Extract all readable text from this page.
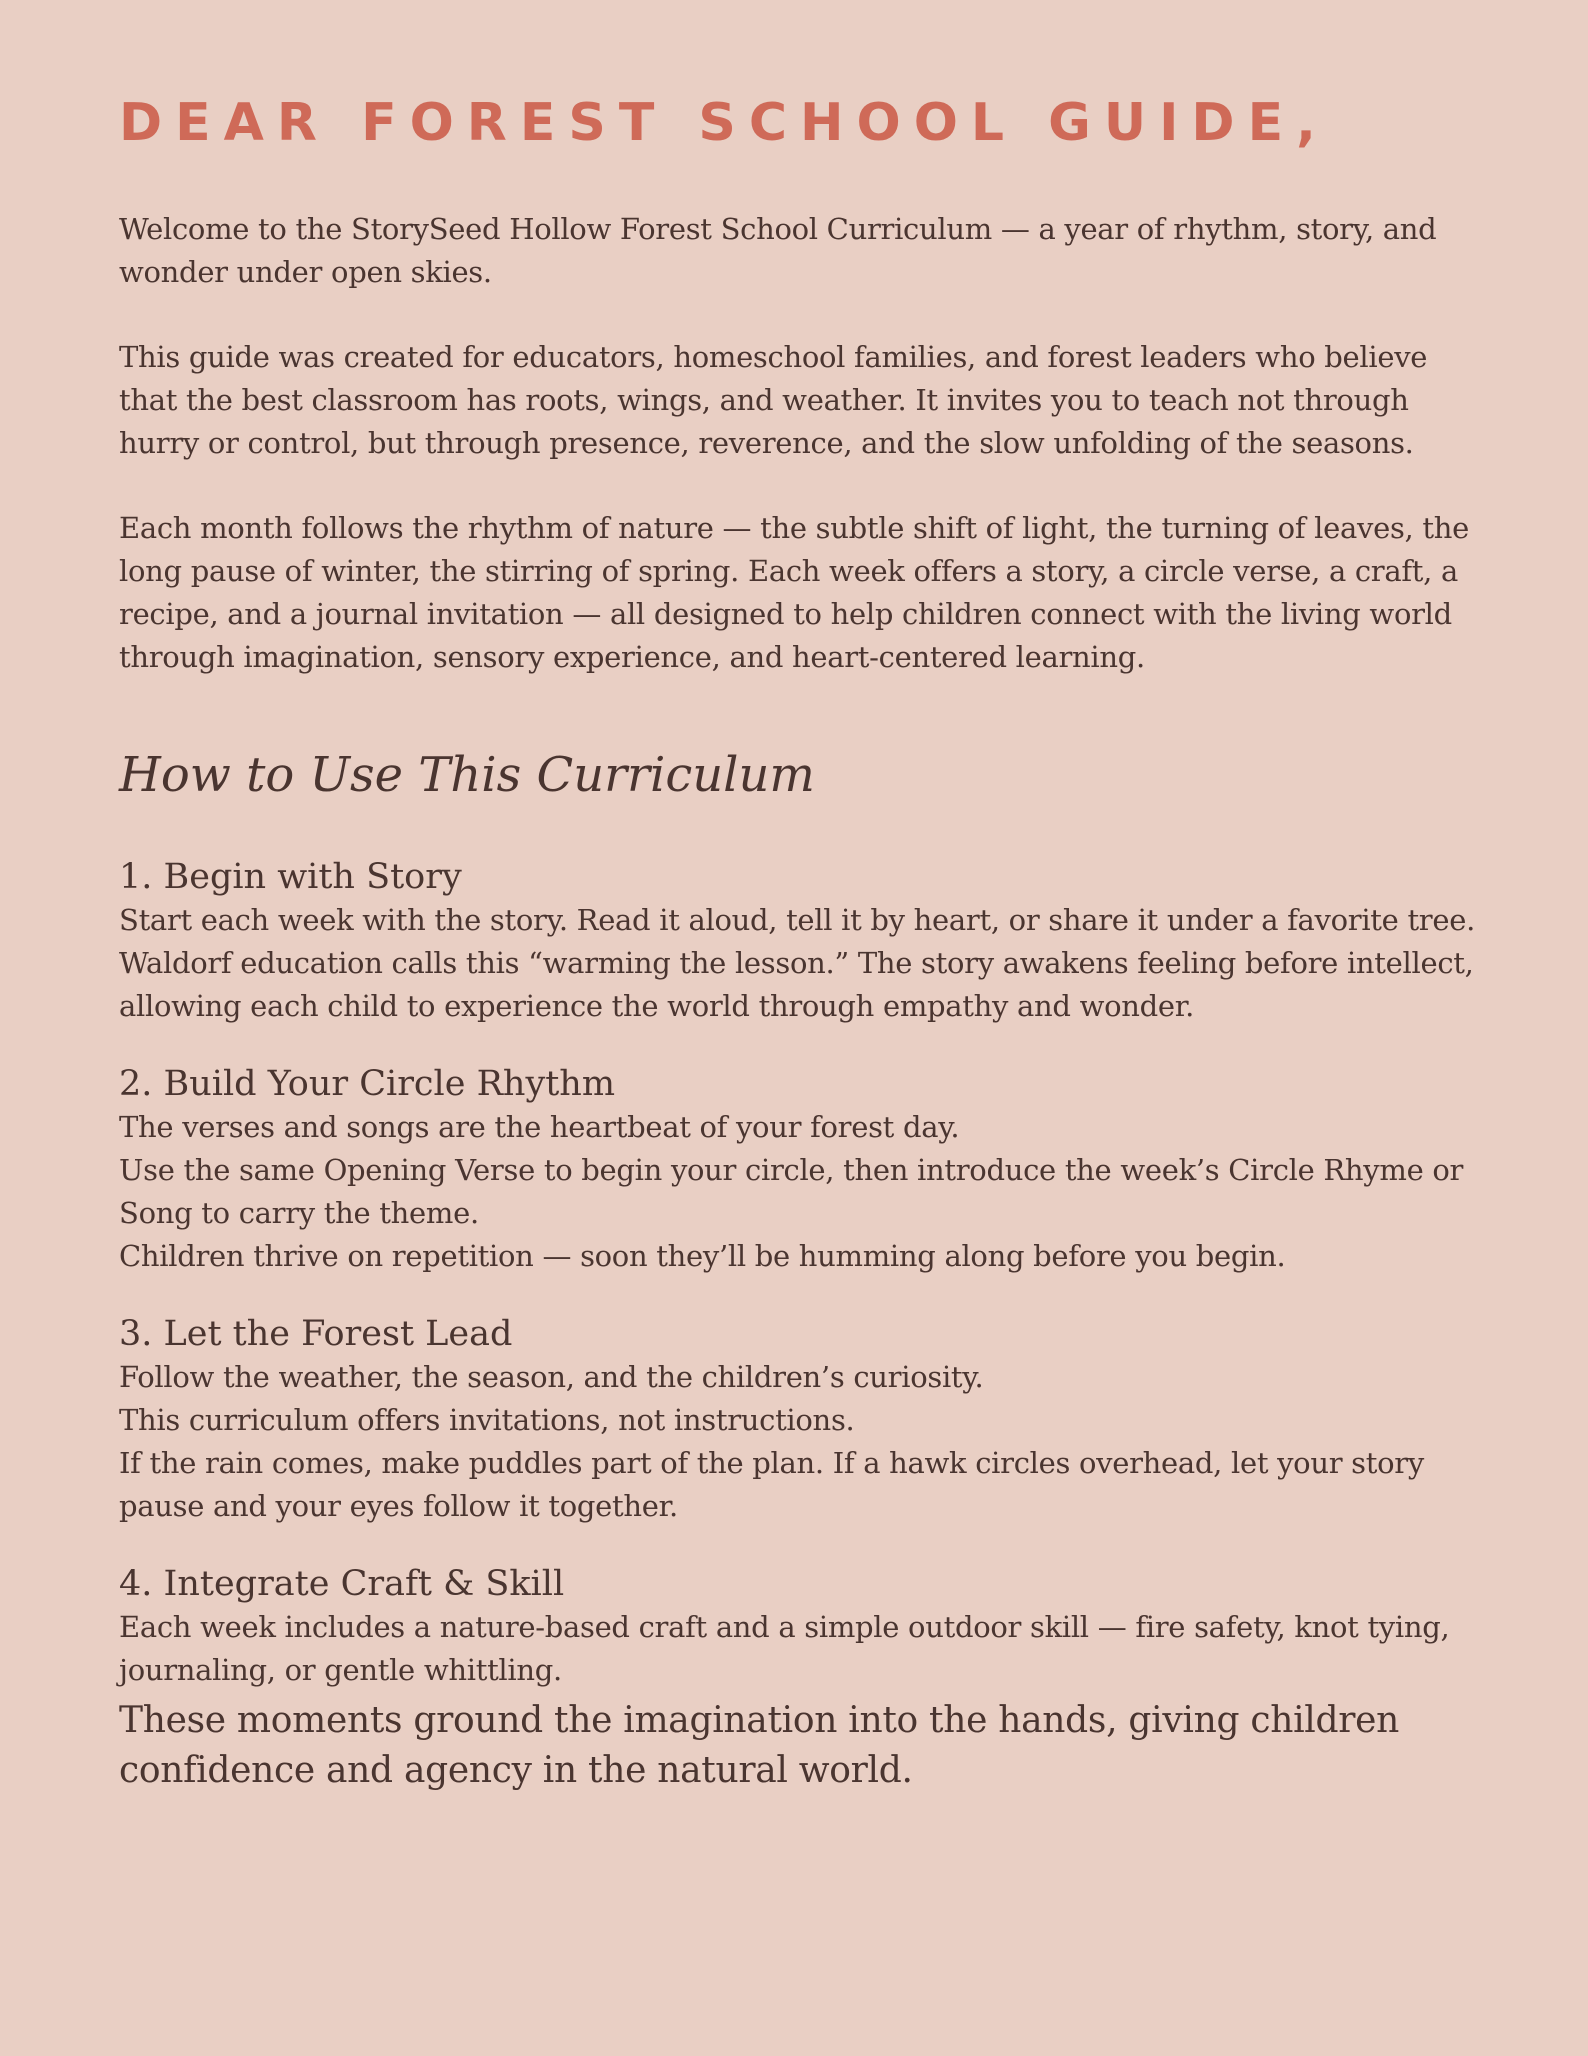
DEAR FOREST SCHOOL GUIDE,

Welcome to the StorySeed Hollow Forest School Curriculum — a year of rhythm, story, and wonder under open skies.

This guide was created for educators, homeschool families, and forest leaders who believe that the best classroom has roots, wings, and weather. It invites you to teach not through hurry or control, but through presence, reverence, and the slow unfolding of the seasons.

Each month follows the rhythm of nature — the subtle shift of light, the turning of leaves, the long pause of winter, the stirring of spring. Each week offers a story, a circle verse, a craft, a recipe, and a journal invitation — all designed to help children connect with the living world through imagination, sensory experience, and heart-centered learning.

How to Use This Curriculum
1. Begin with Story

Start each week with the story. Read it aloud, tell it by heart, or share it under a favorite tree.

Waldorf education calls this “warming the lesson.” The story awakens feeling before intellect, allowing each child to experience the world through empathy and wonder.

2. Build Your Circle Rhythm

The verses and songs are the heartbeat of your forest day.

Use the same Opening Verse to begin your circle, then introduce the week’s Circle Rhyme or Song to carry the theme.

Children thrive on repetition — soon they’ll be humming along before you begin.

3. Let the Forest Lead

Follow the weather, the season, and the children’s curiosity.

This curriculum offers invitations, not instructions.

If the rain comes, make puddles part of the plan. If a hawk circles overhead, let your story pause and your eyes follow it together.

4. Integrate Craft & Skill

Each week includes a nature-based craft and a simple outdoor skill — fire safety, knot tying, journaling, or gentle whittling.

These moments ground the imagination into the hands, giving children confidence and agency in the natural world.
